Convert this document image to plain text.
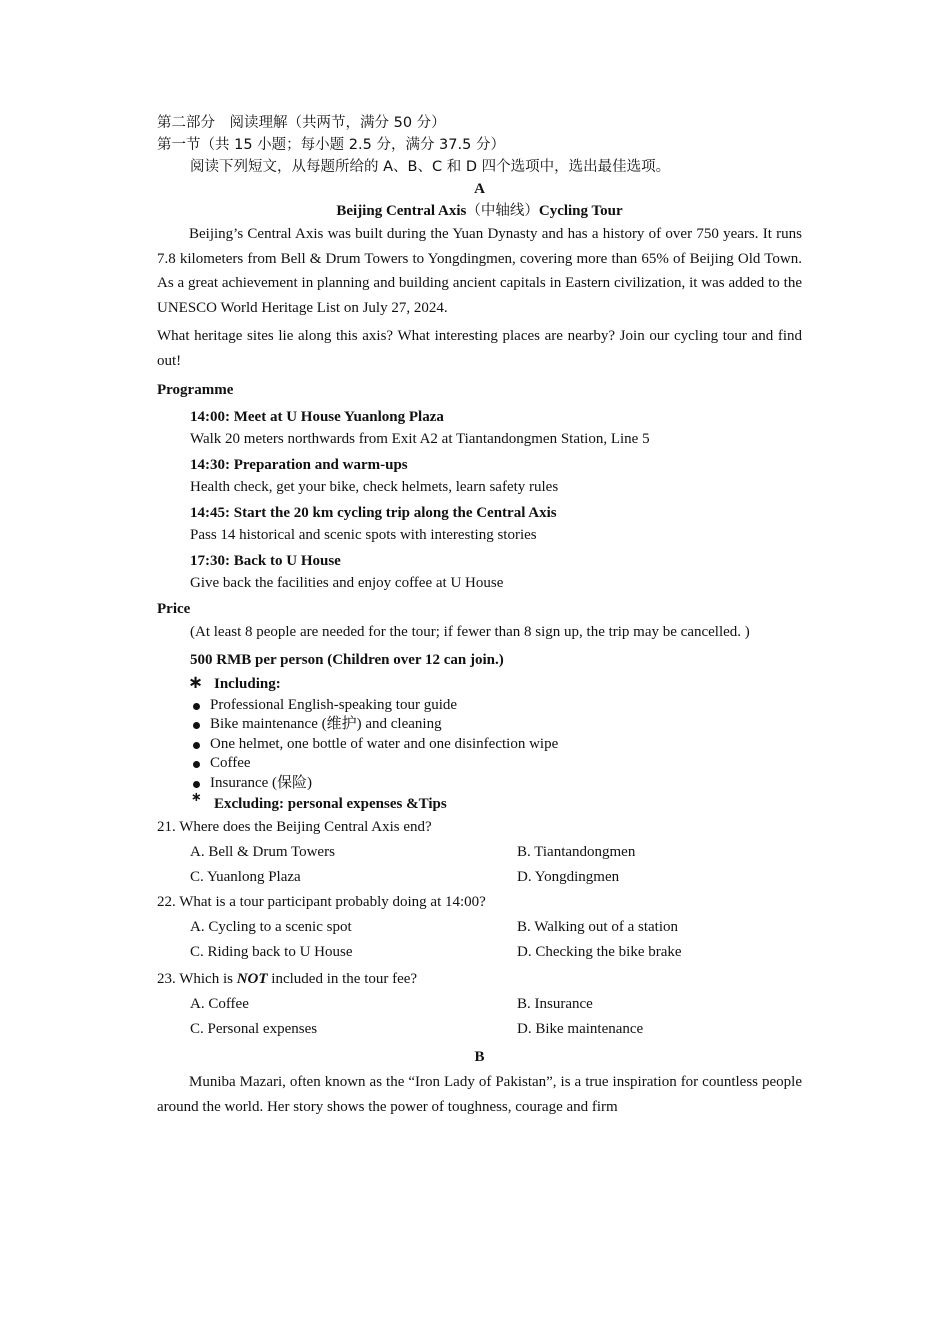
第二部分　阅读理解（共两节，满分 50 分）

第一节（共 15 小题；每小题 2.5 分，满分 37.5 分）

阅读下列短文，从每题所给的 A、B、C 和 D 四个选项中，选出最佳选项。

A

Beijing Central Axis（中轴线）Cycling Tour

Beijing’s Central Axis was built during the Yuan Dynasty and has a history of over 750 years. It runs 7.8 kilometers from Bell & Drum Towers to Yongdingmen, covering more than 65% of Beijing Old Town. As a great achievement in planning and building ancient capitals in Eastern civilization, it was added to the UNESCO World Heritage List on July 27, 2024.

What heritage sites lie along this axis? What interesting places are nearby? Join our cycling tour and find out!

Programme
14:00: Meet at U House Yuanlong Plaza
Walk 20 meters northwards from Exit A2 at Tiantandongmen Station, Line 5
14:30: Preparation and warm-ups
Health check, get your bike, check helmets, learn safety rules
14:45: Start the 20 km cycling trip along the Central Axis
Pass 14 historical and scenic spots with interesting stories
17:30: Back to U House
Give back the facilities and enjoy coffee at U House
Price
(At least 8 people are needed for the tour; if fewer than 8 sign up, the trip may be cancelled. )
500 RMB per person (Children over 12 can join.)
∗ Including:
Professional English-speaking tour guide
Bike maintenance (维护) and cleaning
One helmet, one bottle of water and one disinfection wipe
Coffee
Insurance (保险)
∗ Excluding: personal expenses &Tips
21. Where does the Beijing Central Axis end?
A. Bell & Drum Towers	B. Tiantandongmen
C. Yuanlong Plaza	D. Yongdingmen
22. What is a tour participant probably doing at 14:00?
A. Cycling to a scenic spot	B. Walking out of a station
C. Riding back to U House	D. Checking the bike brake
23. Which is NOT included in the tour fee?
A. Coffee	B. Insurance
C. Personal expenses	D. Bike maintenance

B

Muniba Mazari, often known as the “Iron Lady of Pakistan”, is a true inspiration for countless people around the world. Her story shows the power of toughness, courage and firm
